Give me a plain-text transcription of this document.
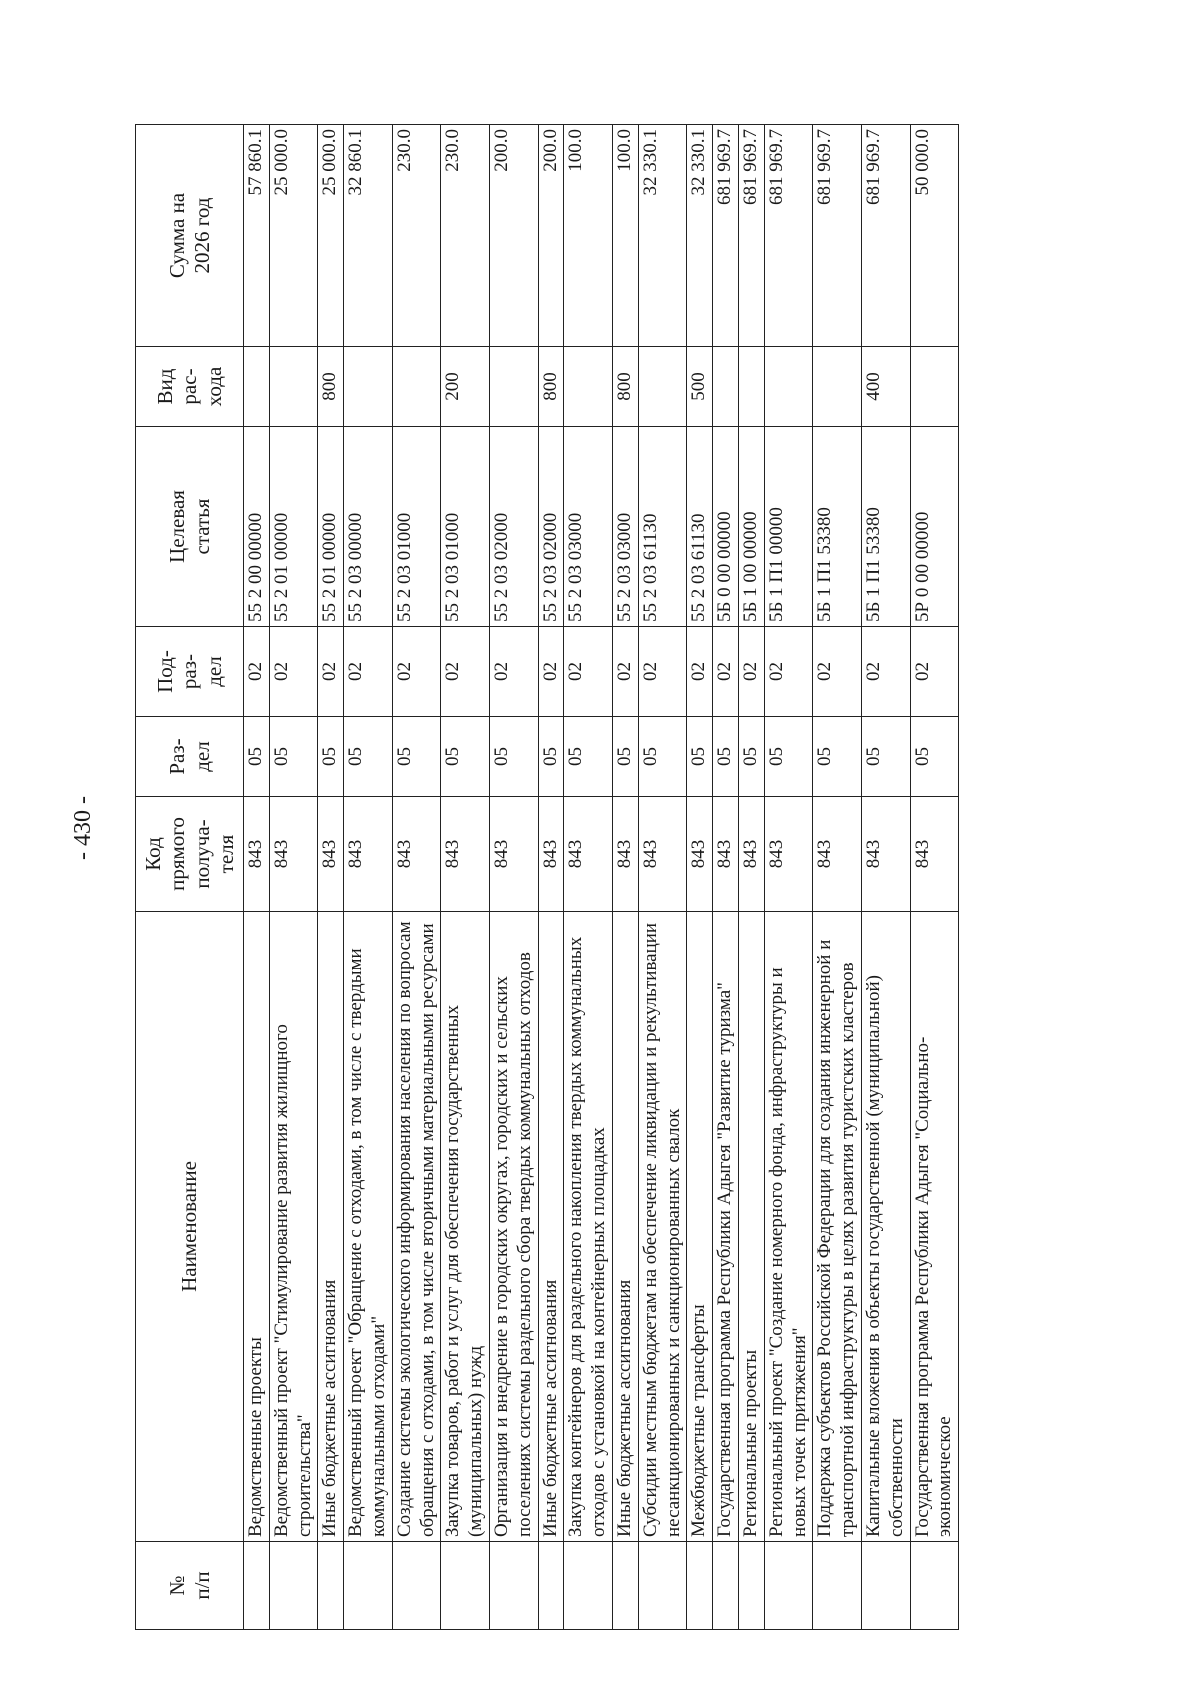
- 430 -
№
п/п	Наименование	Код
прямого
получа-
теля	Раз-
дел	Под-
раз-
дел	Целевая
статья	Вид
рас-
хода	Сумма на
2026 год
	Ведомственные проекты	843	05	02	55 2 00 00000		57 860.1
	Ведомственный проект "Стимулирование развития жилищного строительства"	843	05	02	55 2 01 00000		25 000.0
	Иные бюджетные ассигнования	843	05	02	55 2 01 00000	800	25 000.0
	Ведомственный проект "Обращение с отходами, в том числе с твердыми коммунальными отходами"	843	05	02	55 2 03 00000		32 860.1
	Создание системы экологического информирования населения по вопросам обращения с отходами, в том числе вторичными материальными ресурсами	843	05	02	55 2 03 01000		230.0
	Закупка товаров, работ и услуг для обеспечения государственных (муниципальных) нужд	843	05	02	55 2 03 01000	200	230.0
	Организация и внедрение в городских округах, городских и сельских поселениях системы раздельного сбора твердых коммунальных отходов	843	05	02	55 2 03 02000		200.0
	Иные бюджетные ассигнования	843	05	02	55 2 03 02000	800	200.0
	Закупка контейнеров для раздельного накопления твердых коммунальных отходов с установкой на контейнерных площадках	843	05	02	55 2 03 03000		100.0
	Иные бюджетные ассигнования	843	05	02	55 2 03 03000	800	100.0
	Субсидии местным бюджетам на обеспечение ликвидации и рекультивации несанкционированных и санкционированных свалок	843	05	02	55 2 03 61130		32 330.1
	Межбюджетные трансферты	843	05	02	55 2 03 61130	500	32 330.1
	Государственная программа Республики Адыгея "Развитие туризма"	843	05	02	5Б 0 00 00000		681 969.7
	Региональные проекты	843	05	02	5Б 1 00 00000		681 969.7
	Региональный проект "Создание номерного фонда, инфраструктуры и новых точек притяжения"	843	05	02	5Б 1 П1 00000		681 969.7
	Поддержка субъектов Российской Федерации для создания инженерной и транспортной инфраструктуры в целях развития туристских кластеров	843	05	02	5Б 1 П1 53380		681 969.7
	Капитальные вложения в объекты государственной (муниципальной) собственности	843	05	02	5Б 1 П1 53380	400	681 969.7
	Государственная программа Республики Адыгея "Социально-экономическое	843	05	02	5Р 0 00 00000		50 000.0
